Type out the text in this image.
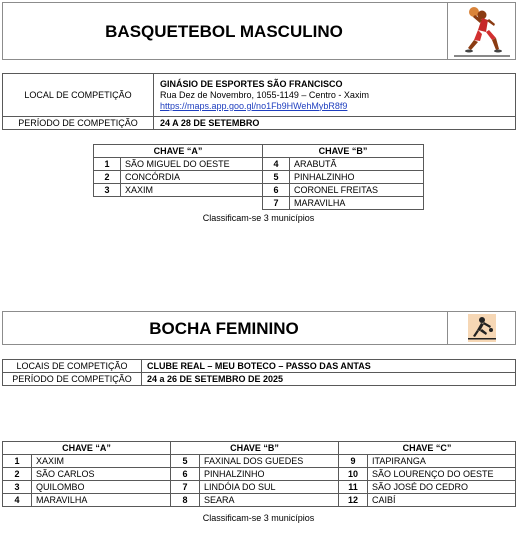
BASQUETEBOL MASCULINO
LOCAL DE COMPETIÇÃO	GINÁSIO DE ESPORTES SÃO FRANCISCO
Rua Dez de Novembro, 1055-1149 – Centro - Xaxim
https://maps.app.goo.gl/no1Fb9HWehMybR8f9

PERÍODO DE COMPETIÇÃO	24 A 28 DE SETEMBRO
CHAVE “A”		CHAVE “B”	
1	SÃO MIGUEL DO OESTE	4	ARABUTÃ
2	CONCÓRDIA	5	PINHALZINHO
3	XAXIM	6	CORONEL FREITAS
		7	MARAVILHA
Classificam-se 3 municípios
BOCHA FEMININO
LOCAIS DE COMPETIÇÃO	CLUBE REAL – MEU BOTECO – PASSO DAS ANTAS
PERÍODO DE COMPETIÇÃO	24 a 26 DE SETEMBRO DE 2025
CHAVE “A”		CHAVE “B”		CHAVE “C”	
1	XAXIM	5	FAXINAL DOS GUEDES	9	ITAPIRANGA
2	SÃO CARLOS	6	PINHALZINHO	10	SÃO LOURENÇO DO OESTE
3	QUILOMBO	7	LINDÓIA DO SUL	11	SÃO JOSÉ DO CEDRO
4	MARAVILHA	8	SEARA	12	CAIBÍ
Classificam-se 3 municípios
